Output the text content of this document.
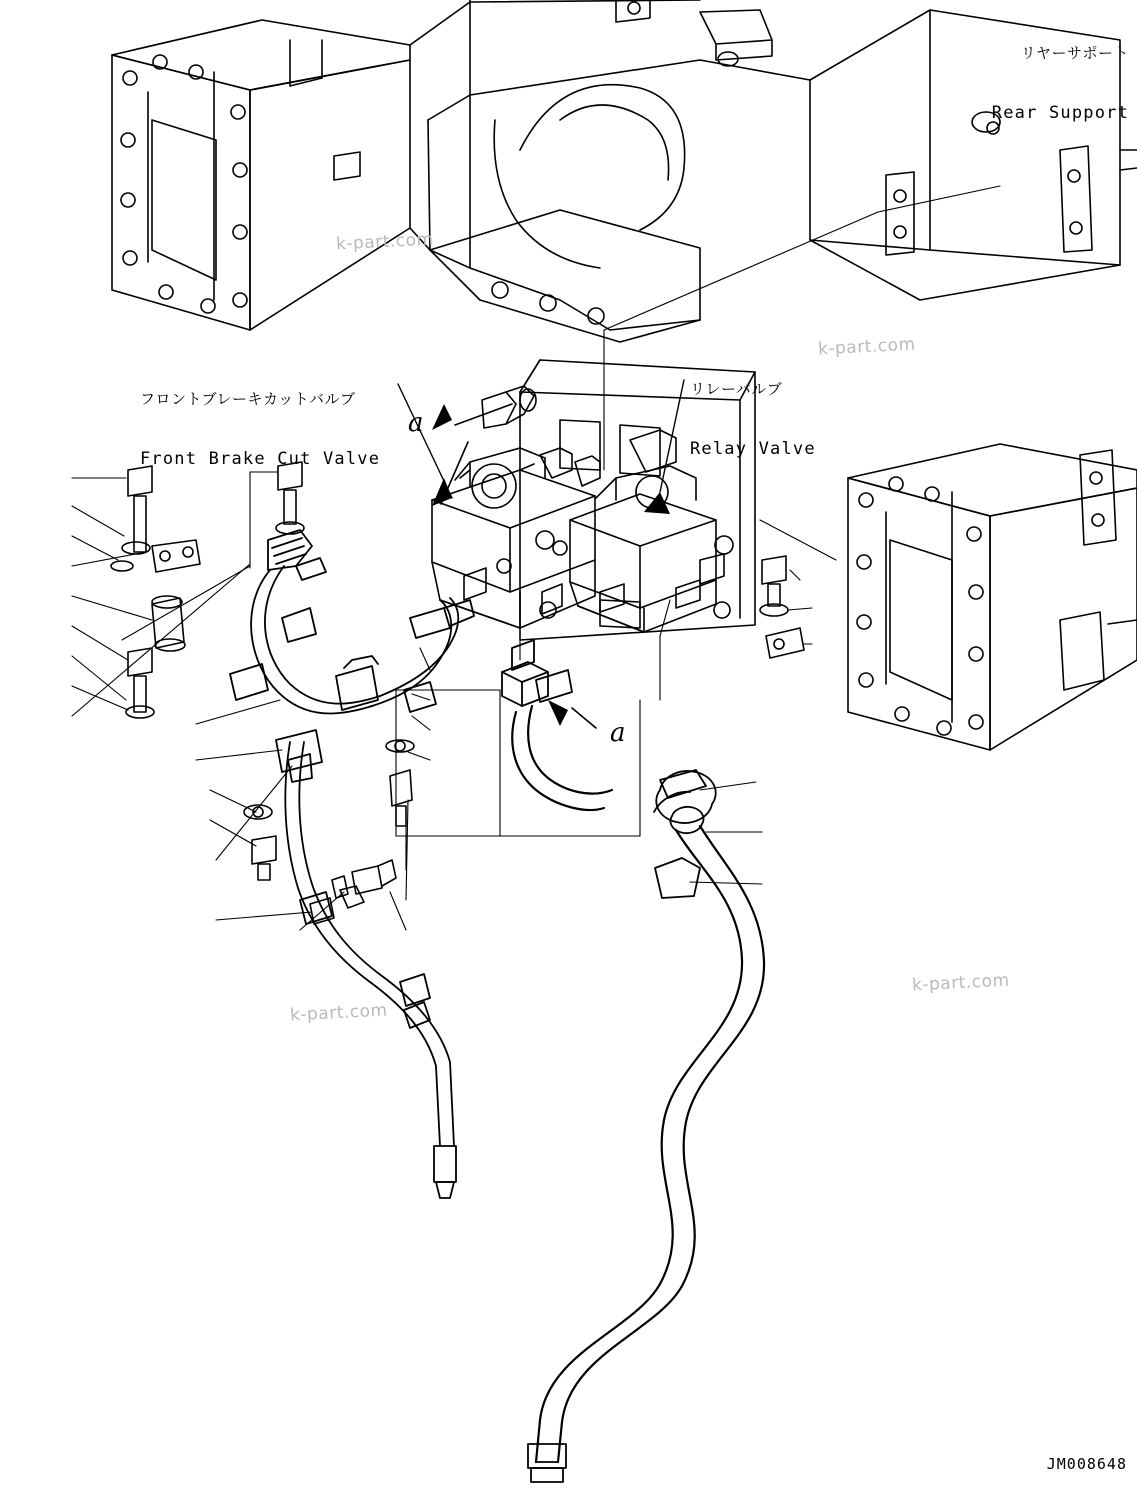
リヤーサポート

Rear Support

フロントブレーキカットバルブ

Front Brake Cut Valve

リレーバルブ

Relay Valve

a
a
k-part.com
k-part.com
k-part.com
k-part.com
JM008648
